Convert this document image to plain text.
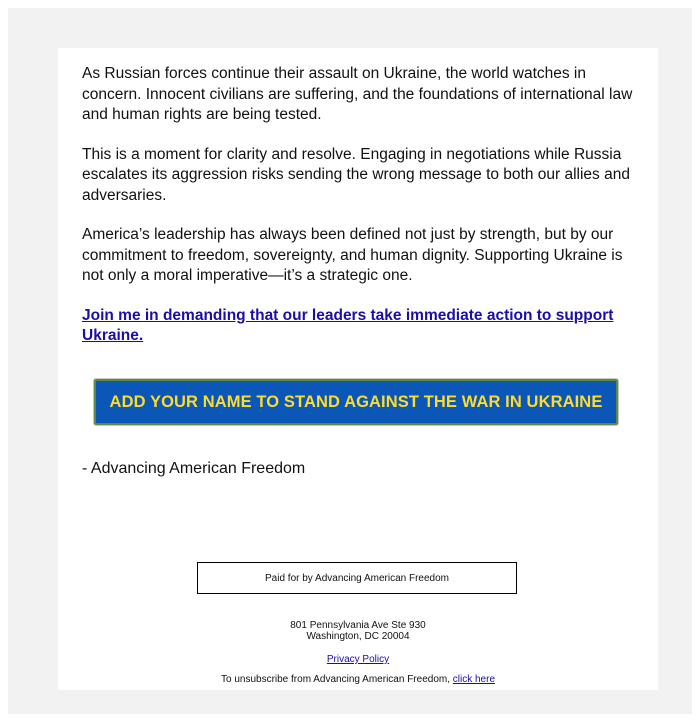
As Russian forces continue their assault on Ukraine, the world watches in concern. Innocent civilians are suffering, and the foundations of international law and human rights are being tested.

This is a moment for clarity and resolve. Engaging in negotiations while Russia escalates its aggression risks sending the wrong message to both our allies and adversaries.

America’s leadership has always been defined not just by strength, but by our commitment to freedom, sovereignty, and human dignity. Supporting Ukraine is not only a moral imperative—it’s a strategic one.

Join me in demanding that our leaders take immediate action to support Ukraine.

ADD YOUR NAME TO STAND AGAINST THE WAR IN UKRAINE
- Advancing American Freedom
Paid for by Advancing American Freedom
801 Pennsylvania Ave Ste 930
Washington, DC 20004
Privacy Policy
To unsubscribe from Advancing American Freedom, click here
